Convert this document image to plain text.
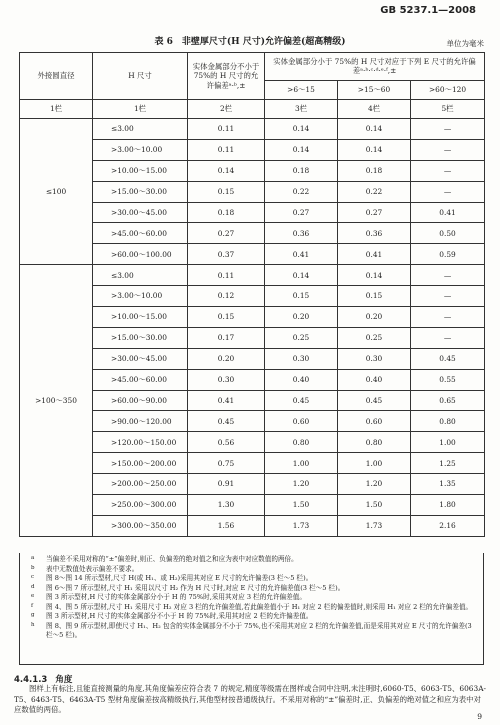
GB 5237.1—2008
表 6　非壁厚尺寸(H 尺寸)允许偏差(超高精级)	单位为毫米
外接圆直径	H 尺寸	实体金属部分不小于 75%的 H 尺寸的允许偏差ᵃ·ᵇ,±	实体金属部分小于 75%的 H 尺寸对应于下列 E 尺寸的允许偏差ᵃ·ᵇ·ᶜ·ᵈ·ᵉ·ᶠ,±		
			>6～15	>15～60	>60～120
1栏	1栏	2栏	3栏	4栏	5栏
≤100	≤3.00	0.11	0.14	0.14	—
	>3.00～10.00	0.11	0.14	0.14	—
	>10.00～15.00	0.14	0.18	0.18	—
	>15.00～30.00	0.15	0.22	0.22	—
	>30.00～45.00	0.18	0.27	0.27	0.41
	>45.00～60.00	0.27	0.36	0.36	0.50
	>60.00～100.00	0.37	0.41	0.41	0.59
>100～350	≤3.00	0.11	0.14	0.14	—
	>3.00～10.00	0.12	0.15	0.15	—
	>10.00～15.00	0.15	0.20	0.20	—
	>15.00～30.00	0.17	0.25	0.25	—
	>30.00～45.00	0.20	0.30	0.30	0.45
	>45.00～60.00	0.30	0.40	0.40	0.55
	>60.00～90.00	0.41	0.45	0.45	0.65
	>90.00～120.00	0.45	0.60	0.60	0.80
	>120.00～150.00	0.56	0.80	0.80	1.00
	>150.00～200.00	0.75	1.00	1.00	1.25
	>200.00～250.00	0.91	1.20	1.20	1.35
	>250.00～300.00	1.30	1.50	1.50	1.80
	>300.00～350.00	1.56	1.73	1.73	2.16
a 当偏差不采用对称的“±”偏差时,则正、负偏差的绝对值之和应为表中对应数值的两倍。
b 表中无数值处表示偏差不要求。
c 图 8～图 14 所示型材,尺寸 H(或 H₁、或 H₂)采用其对应 E 尺寸的允许偏差(3 栏～5 栏)。
d 图 6～图 7 所示型材,尺寸 H₁ 采用以尺寸 H₂ 作为 H 尺寸时,对应 E 尺寸的允许偏差值(3 栏～5 栏)。
e 图 3 所示型材,H 尺寸的实体金属部分小于 H 的 75%时,采用其对应 3 栏的允许偏差值。
f 图 4、图 5 所示型材,尺寸 H₁ 采用尺寸 H₂ 对应 3 栏的允许偏差值,若此偏差值小于 H₁ 对应 2 栏的偏差值时,则采用 H₁ 对应 2 栏的允许偏差值。
g 图 3 所示型材,H 尺寸的实体金属部分不小于 H 的 75%时,采用其对应 2 栏的允许偏差值。
h 图 8、图 9 所示型材,即使尺寸 H₁、H₂ 包含的实体金属部分不小于 75%,也不采用其对应 2 栏的允许偏差值,而是采用其对应 E 尺寸的允许偏差(3 栏～5 栏)。
4.4.1.3 角度
图样上有标注,且能直接测量的角度,其角度偏差应符合表 7 的规定,精度等级需在图样或合同中注明,未注明时,6060-T5、6063-T5、6063A-T5、6463-T5、6463A-T5 型材角度偏差按高精级执行,其他型材按普通级执行。不采用对称的“±”偏差时,正、负偏差的绝对值之和应为表中对应数值的两倍。
9
